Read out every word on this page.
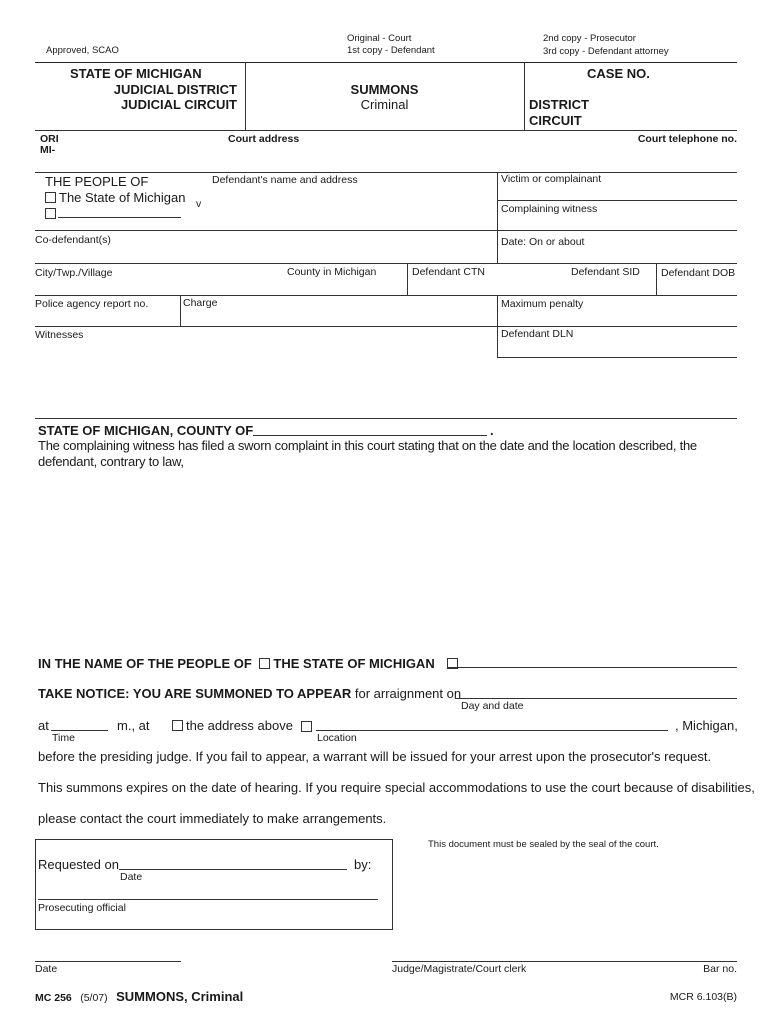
Approved, SCAO
Original - Court
1st copy - Defendant
2nd copy - Prosecutor
3rd copy - Defendant attorney
STATE OF MICHIGAN
JUDICIAL DISTRICT
JUDICIAL CIRCUIT
SUMMONS
Criminal
CASE NO.
DISTRICT
CIRCUIT
ORI
MI-
Court address	Court telephone no.
THE PEOPLE OF
The State of Michigan v
Defendant's name and address	Victim or complainant
Complaining witness
Co-defendant(s)	Date: On or about
City/Twp./Village	County in Michigan	Defendant CTN	Defendant SID Defendant DOB
Police agency report no.	Charge	Maximum penalty
Witnesses	Defendant DLN
STATE OF MICHIGAN, COUNTY OF	.
The complaining witness has filed a sworn complaint in this court stating that on the date and the location described, the defendant, contrary to law,
IN THE NAME OF THE PEOPLE OF THE STATE OF MICHIGAN
TAKE NOTICE: YOU ARE SUMMONED TO APPEAR for arraignment on
Day and date
at	m., at	the address above	, Michigan,
Time	Location
before the presiding judge. If you fail to appear, a warrant will be issued for your arrest upon the prosecutor's request.
This summons expires on the date of hearing. If you require special accommodations to use the court because of disabilities,
please contact the court immediately to make arrangements.
Requested on	by:
Date
Prosecuting official
This document must be sealed by the seal of the court.
Date	Judge/Magistrate/Court clerk	Bar no.
MC 256 (5/07) SUMMONS, Criminal	MCR 6.103(B)
